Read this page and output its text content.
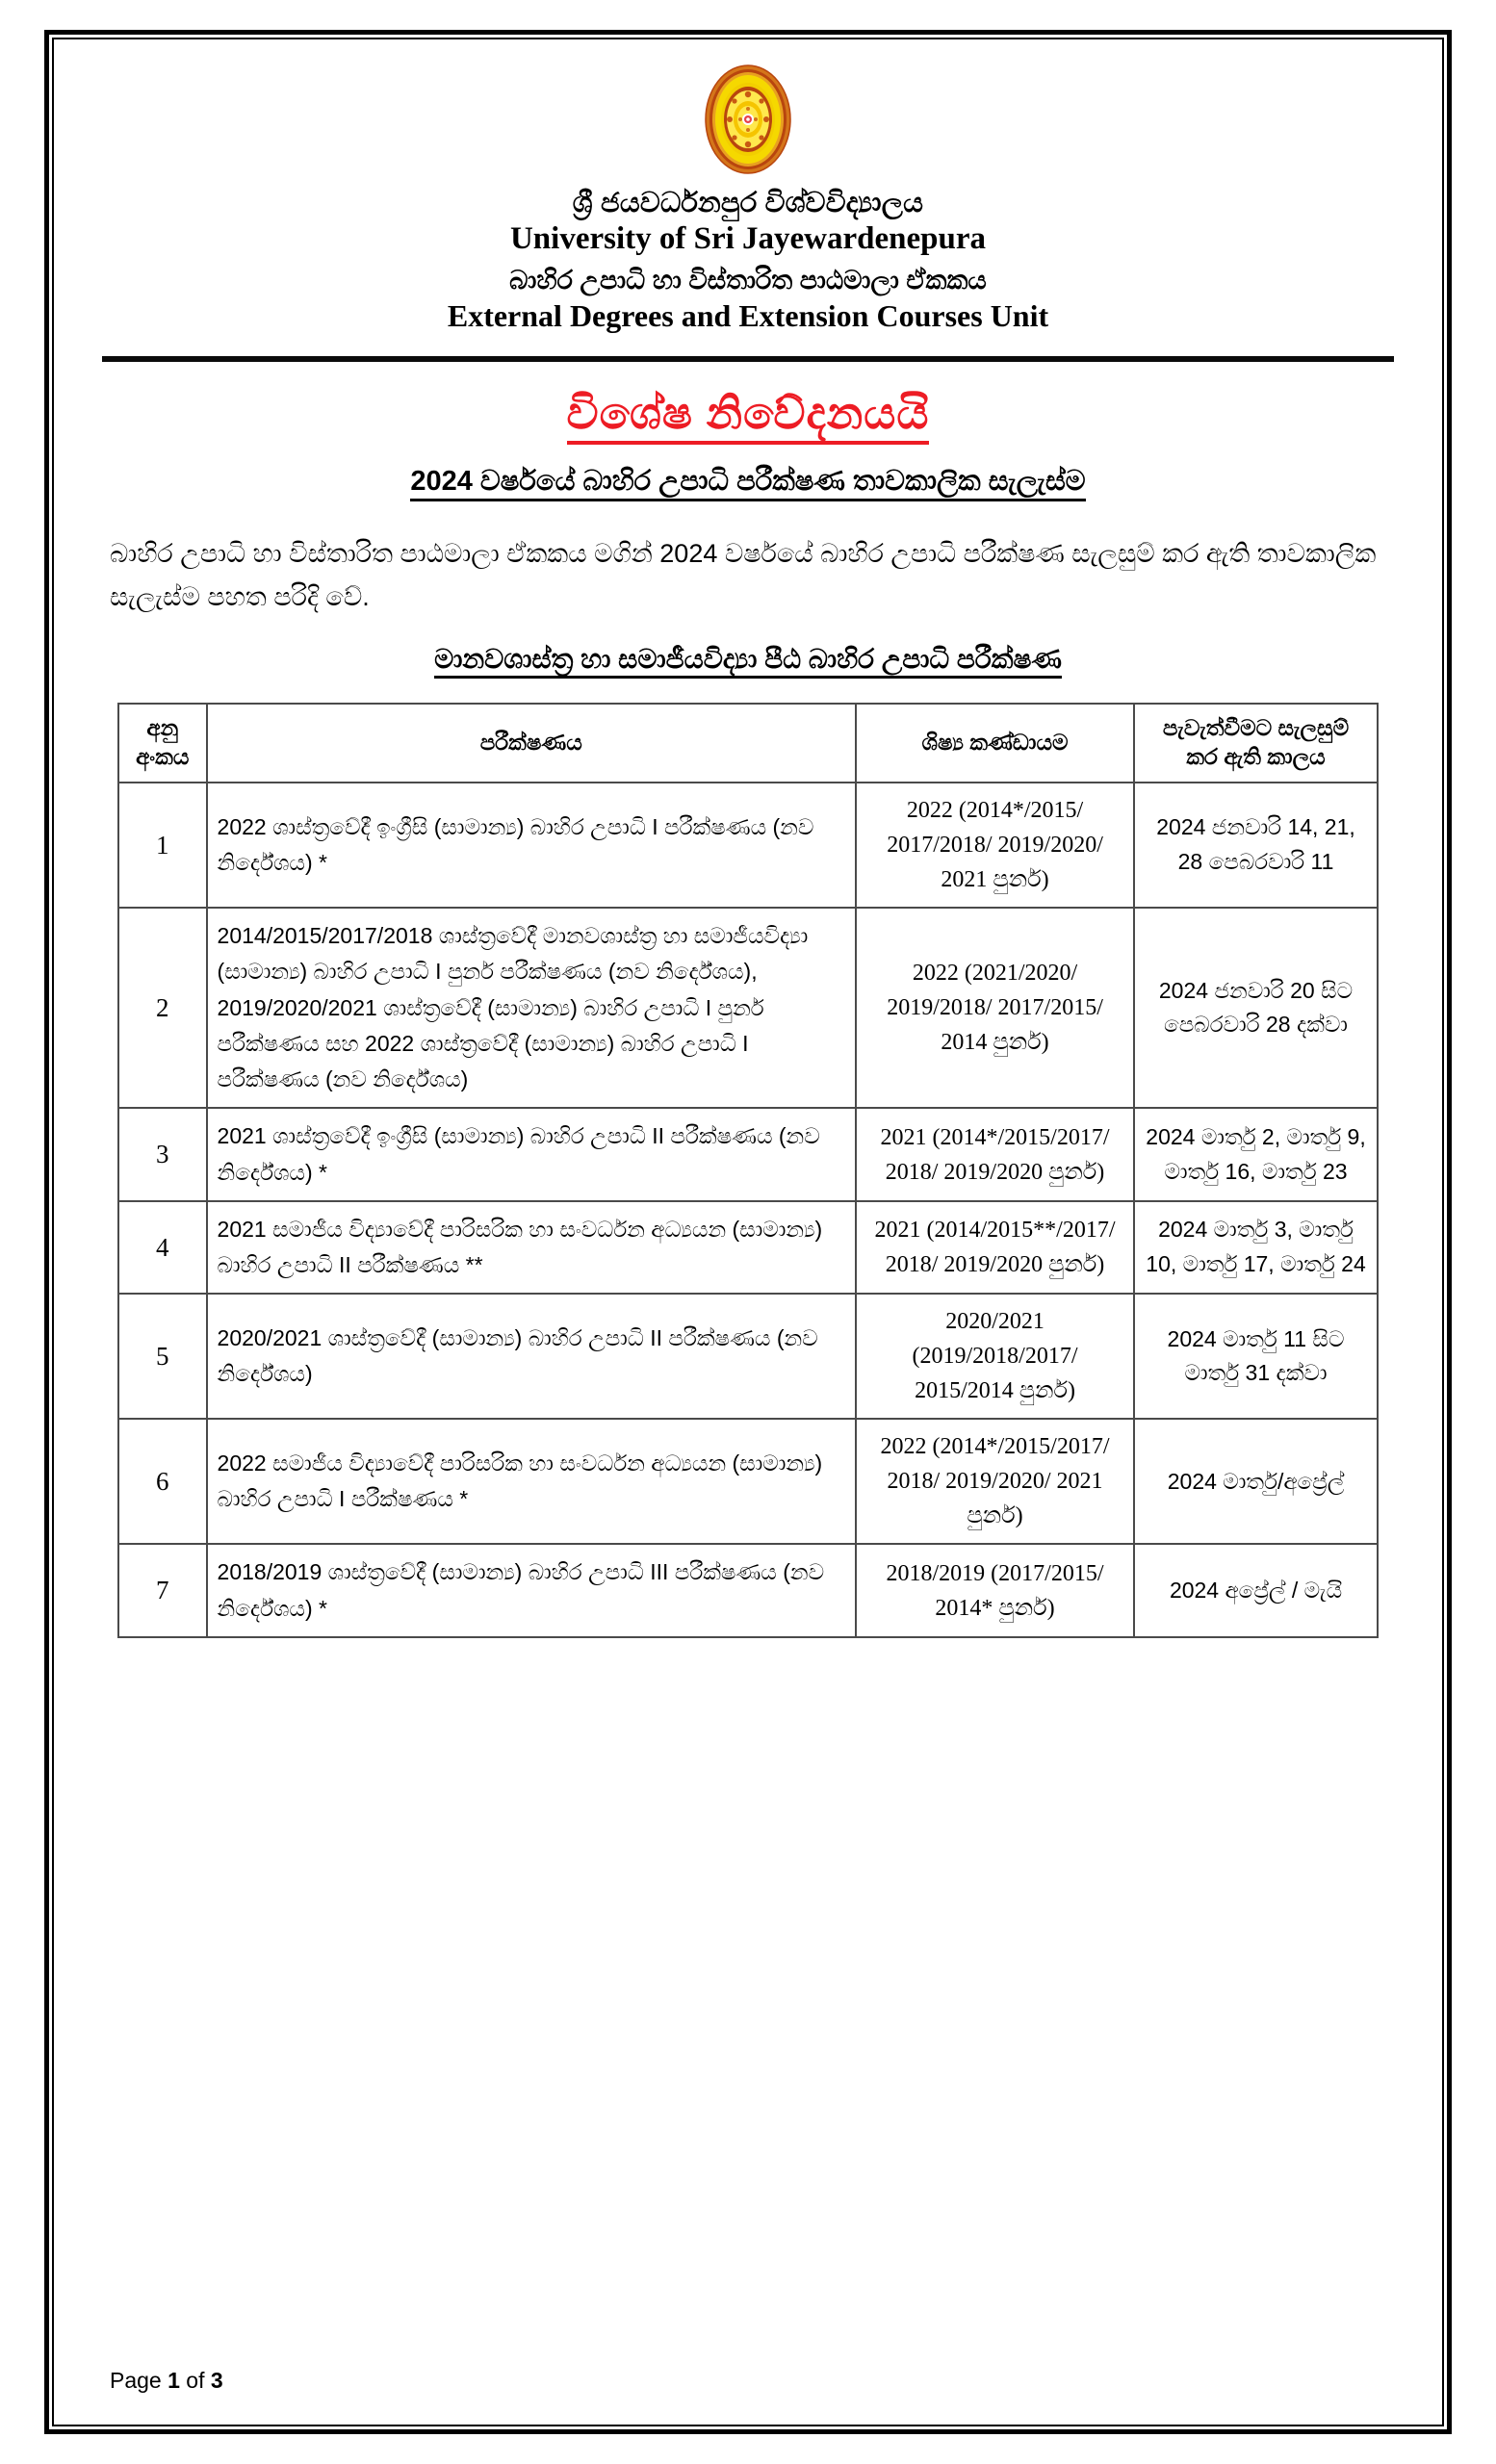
ශ්‍රී ජයවර්ධනපුර විශ්වවිද්‍යාලය
University of Sri Jayewardenepura
බාහිර උපාධි හා විස්තාරිත පාඨමාලා ඒකකය
External Degrees and Extension Courses Unit
විශේෂ නිවේදනයයි
2024 වර්ෂයේ බාහිර උපාධි පරීක්ෂණ තාවකාලික සැලැස්ම
බාහිර උපාධි හා විස්තාරිත පාඨමාලා ඒකකය මගින් 2024 වර්ෂයේ බාහිර උපාධි පරීක්ෂණ සැලසුම් කර ඇති තාවකාලික සැලැස්ම පහත පරිදි වේ.
මානවශාස්ත්‍ර හා සමාජීයවිද්‍යා පීඨ බාහිර උපාධි පරීක්ෂණ
අනු අංකය	පරීක්ෂණය	ශිෂ්‍ය කණ්ඩායම	පැවැත්වීමට සැලසුම් කර ඇති කාලය
1	2022 ශාස්ත්‍රවේදී ඉංග්‍රීසි (සාමාන්‍ය) බාහිර උපාධි I පරීක්ෂණය (නව නිර්දේශය) *	2022 (2014*/2015/ 2017/2018/ 2019/2020/ 2021 පුනර්)	2024 ජනවාරි 14, 21, 28 පෙබරවාරි 11
2	2014/2015/2017/2018 ශාස්ත්‍රවේදී මානවශාස්ත්‍ර හා සමාජීයවිද්‍යා (සාමාන්‍ය) බාහිර උපාධි I පුනර් පරීක්ෂණය (නව නිර්දේශය), 2019/2020/2021 ශාස්ත්‍රවේදී (සාමාන්‍ය) බාහිර උපාධි I පුනර් පරීක්ෂණය සහ 2022 ශාස්ත්‍රවේදී (සාමාන්‍ය) බාහිර උපාධි I පරීක්ෂණය (නව නිර්දේශය)	2022 (2021/2020/ 2019/2018/ 2017/2015/ 2014 පුනර්)	2024 ජනවාරි 20 සිට පෙබරවාරි 28 දක්වා
3	2021 ශාස්ත්‍රවේදී ඉංග්‍රීසි (සාමාන්‍ය) බාහිර උපාධි II පරීක්ෂණය (නව නිර්දේශය) *	2021 (2014*/2015/2017/ 2018/ 2019/2020 පුනර්)	2024 මාර්තු 2, මාර්තු 9, මාර්තු 16, මාර්තු 23
4	2021 සමාජීය විද්‍යාවේදී පාරිසරික හා සංවර්ධන අධ්‍යයන (සාමාන්‍ය) බාහිර උපාධි II පරීක්ෂණය **	2021 (2014/2015**/2017/ 2018/ 2019/2020 පුනර්)	2024 මාර්තු 3, මාර්තු 10, මාර්තු 17, මාර්තු 24
5	2020/2021 ශාස්ත්‍රවේදී (සාමාන්‍ය) බාහිර උපාධි II පරීක්ෂණය (නව නිර්දේශය)	2020/2021 (2019/2018/2017/ 2015/2014 පුනර්)	2024 මාර්තු 11 සිට මාර්තු 31 දක්වා
6	2022 සමාජීය විද්‍යාවේදී පාරිසරික හා සංවර්ධන අධ්‍යයන (සාමාන්‍ය) බාහිර උපාධි I පරීක්ෂණය *	2022 (2014*/2015/2017/ 2018/ 2019/2020/ 2021 පුනර්)	2024 මාර්තු/අප්‍රේල්
7	2018/2019 ශාස්ත්‍රවේදී (සාමාන්‍ය) බාහිර උපාධි III පරීක්ෂණය (නව නිර්දේශය) *	2018/2019 (2017/2015/ 2014* පුනර්)	2024 අප්‍රේල් / මැයි
Page 1 of 3
